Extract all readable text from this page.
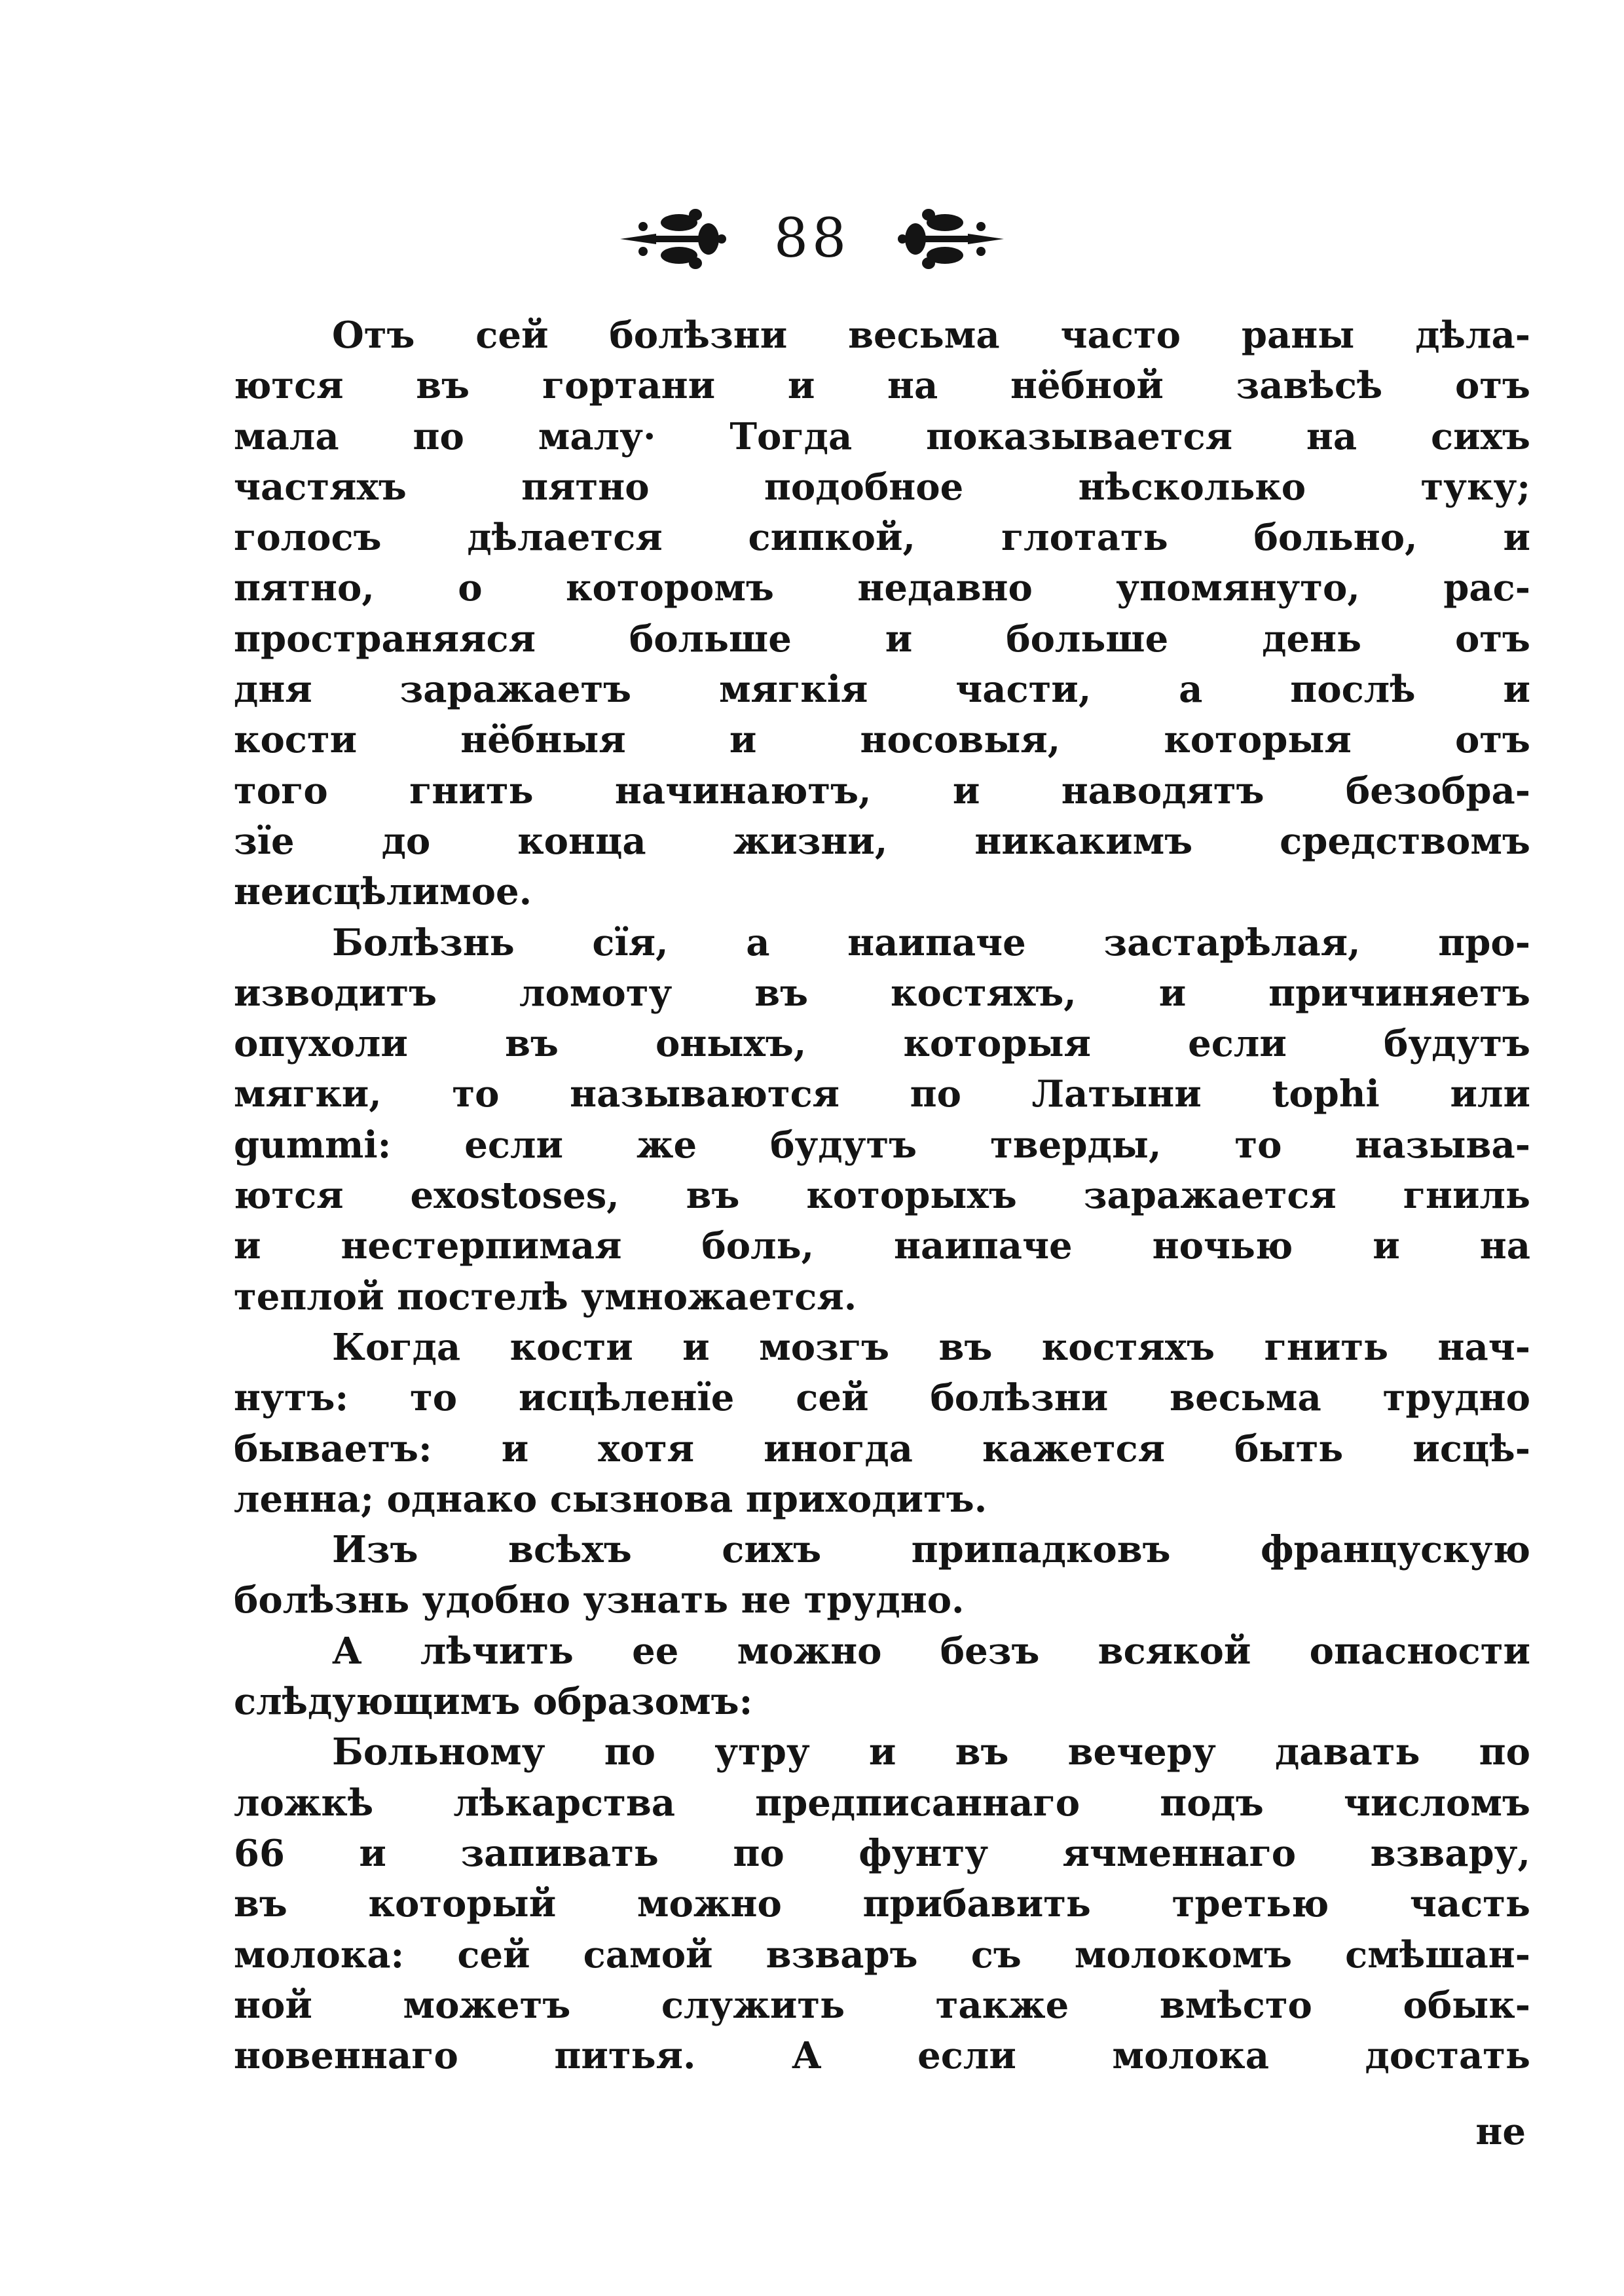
88
Отъ сей болѣзни весьма часто раны дѣла-
ются въ гортани и на нёбной завѣсѣ отъ
мала по малу· Тогда показывается на сихъ
частяхъ пятно подобное нѣсколько туку;
голосъ дѣлается сипкой, глотать больно, и
пятно, о которомъ недавно упомянуто, рас-
пространяяся больше и больше день отъ
дня заражаетъ мягкія части, а послѣ и
кости нёбныя и носовыя, которыя отъ
того гнить начинаютъ, и наводятъ безобра-
зїе до конца жизни, никакимъ средствомъ
неисцѣлимое.
Болѣзнь сїя, а наипаче застарѣлая, про-
изводитъ ломоту въ костяхъ, и причиняетъ
опухоли въ оныхъ, которыя если будутъ
мягки, то называются по Латыни tophi или
gummi: если же будутъ тверды, то называ-
ются exostoses, въ которыхъ заражается гниль
и нестерпимая боль, наипаче ночью и на
теплой постелѣ умножается.
Когда кости и мозгъ въ костяхъ гнить нач-
нутъ: то исцѣленїе сей болѣзни весьма трудно
бываетъ: и хотя иногда кажется быть исцѣ-
ленна; однако сызнова приходитъ.
Изъ всѣхъ сихъ припадковъ францускую
болѣзнь удобно узнать не трудно.
А лѣчить ее можно безъ всякой опасности
слѣдующимъ образомъ:
Больному по утру и въ вечеру давать по
ложкѣ лѣкарства предписаннаго подъ числомъ
66 и запивать по фунту ячменнаго взвару,
въ который можно прибавить третью часть
молока: сей самой взваръ съ молокомъ смѣшан-
ной можетъ служить также вмѣсто обык-
новеннаго питья. А если молока достать
не
